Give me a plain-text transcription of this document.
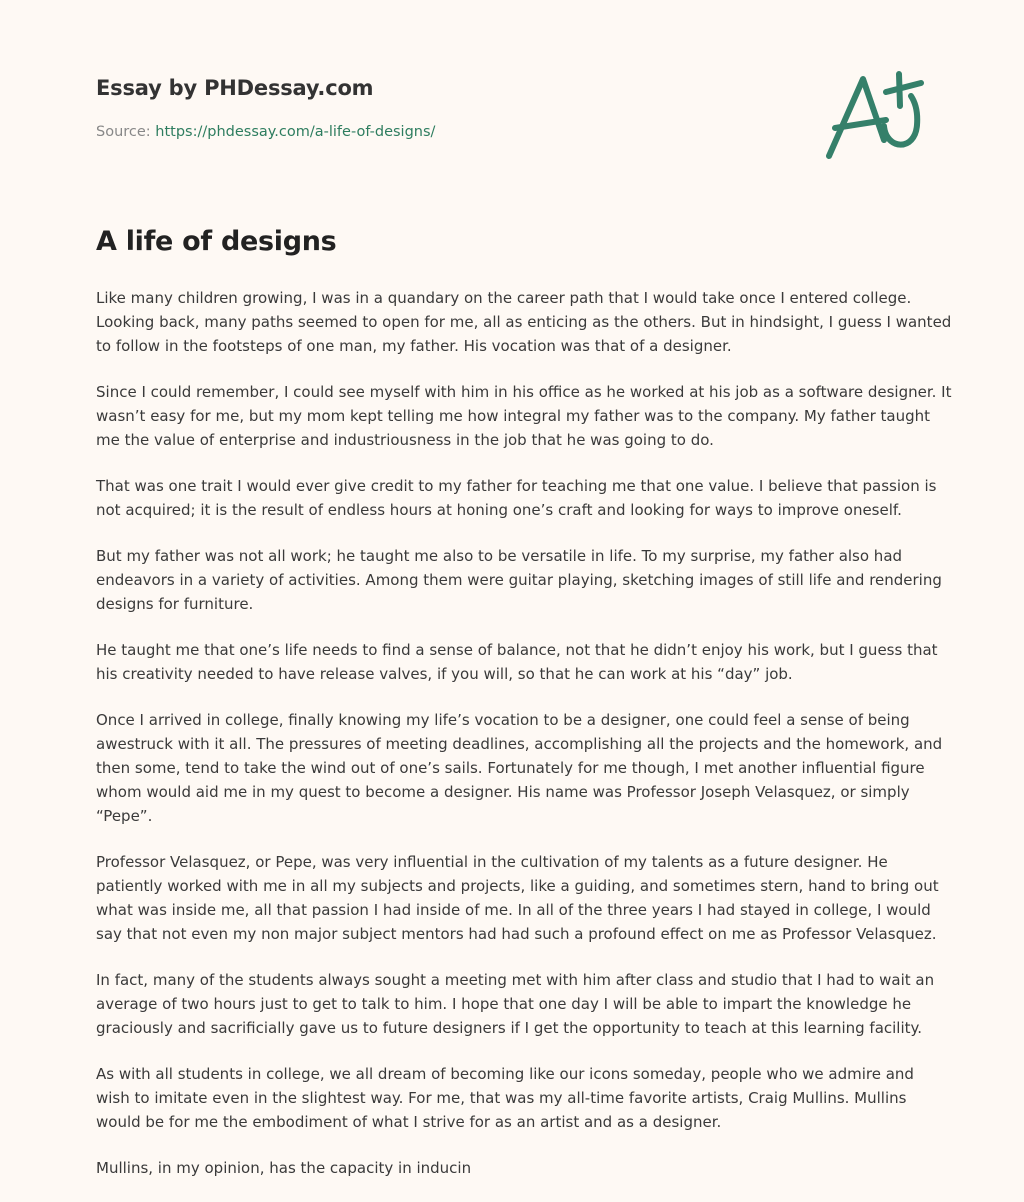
Essay by PHDessay.com
Source: https://phdessay.com/a-life-of-designs/
A life of designs

Like many children growing, I was in a quandary on the career path that I would take once I entered college.
Looking back, many paths seemed to open for me, all as enticing as the others. But in hindsight, I guess I wanted
to follow in the footsteps of one man, my father. His vocation was that of a designer.

Since I could remember, I could see myself with him in his office as he worked at his job as a software designer. It
wasn’t easy for me, but my mom kept telling me how integral my father was to the company. My father taught
me the value of enterprise and industriousness in the job that he was going to do.

That was one trait I would ever give credit to my father for teaching me that one value. I believe that passion is
not acquired; it is the result of endless hours at honing one’s craft and looking for ways to improve oneself.

But my father was not all work; he taught me also to be versatile in life. To my surprise, my father also had
endeavors in a variety of activities. Among them were guitar playing, sketching images of still life and rendering
designs for furniture.

He taught me that one’s life needs to find a sense of balance, not that he didn’t enjoy his work, but I guess that
his creativity needed to have release valves, if you will, so that he can work at his “day” job.

Once I arrived in college, finally knowing my life’s vocation to be a designer, one could feel a sense of being
awestruck with it all. The pressures of meeting deadlines, accomplishing all the projects and the homework, and
then some, tend to take the wind out of one’s sails. Fortunately for me though, I met another influential figure
whom would aid me in my quest to become a designer. His name was Professor Joseph Velasquez, or simply
“Pepe”.

Professor Velasquez, or Pepe, was very influential in the cultivation of my talents as a future designer. He
patiently worked with me in all my subjects and projects, like a guiding, and sometimes stern, hand to bring out
what was inside me, all that passion I had inside of me. In all of the three years I had stayed in college, I would
say that not even my non major subject mentors had had such a profound effect on me as Professor Velasquez.

In fact, many of the students always sought a meeting met with him after class and studio that I had to wait an
average of two hours just to get to talk to him. I hope that one day I will be able to impart the knowledge he
graciously and sacrificially gave us to future designers if I get the opportunity to teach at this learning facility.

As with all students in college, we all dream of becoming like our icons someday, people who we admire and
wish to imitate even in the slightest way. For me, that was my all-time favorite artists, Craig Mullins. Mullins
would be for me the embodiment of what I strive for as an artist and as a designer.

Mullins, in my opinion, has the capacity in inducin
